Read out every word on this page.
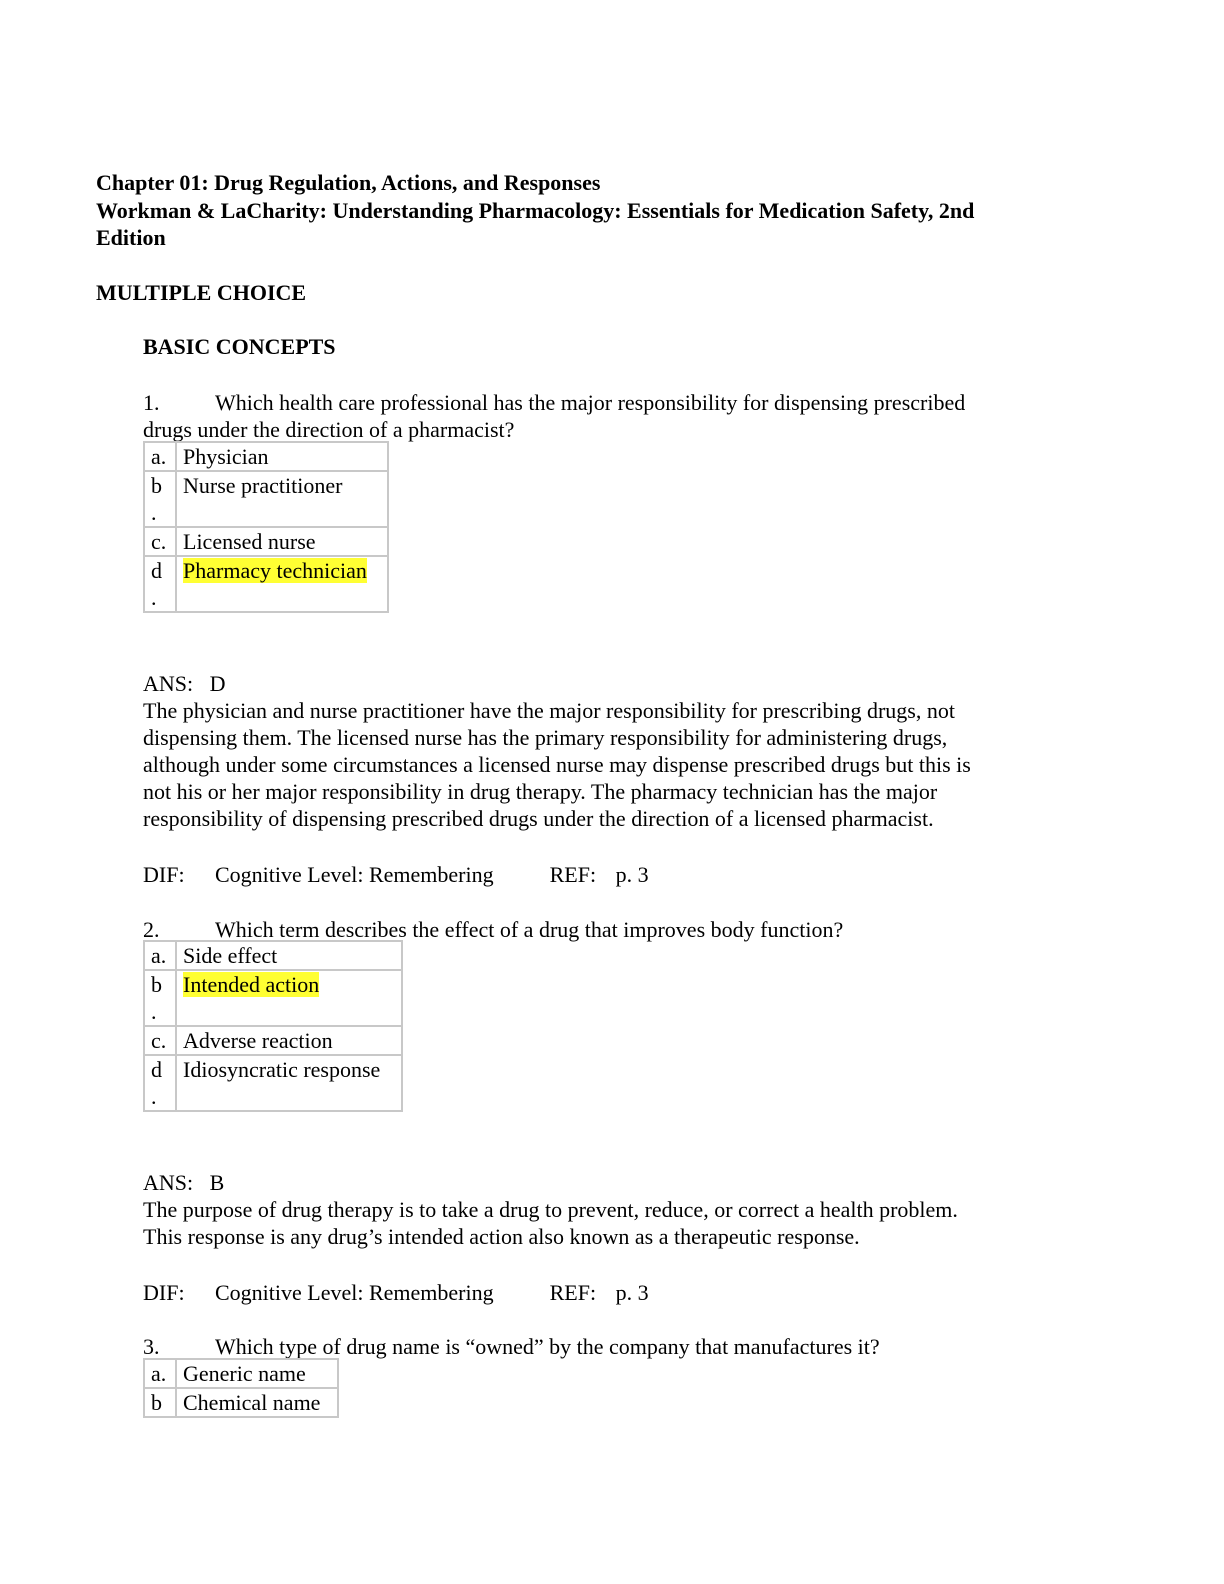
Chapter 01: Drug Regulation, Actions, and Responses
Workman & LaCharity: Understanding Pharmacology: Essentials for Medication Safety, 2nd
Edition
MULTIPLE CHOICE
BASIC CONCEPTS
1.	Which health care professional has the major responsibility for dispensing prescribed
drugs under the direction of a pharmacist?
a.	Physician
b
.	Nurse practitioner
c.	Licensed nurse
d
.	Pharmacy technician
ANS: D
The physician and nurse practitioner have the major responsibility for prescribing drugs, not
dispensing them. The licensed nurse has the primary responsibility for administering drugs,
although under some circumstances a licensed nurse may dispense prescribed drugs but this is
not his or her major responsibility in drug therapy. The pharmacy technician has the major
responsibility of dispensing prescribed drugs under the direction of a licensed pharmacist.
DIF: Cognitive Level: Remembering	REF: p. 3
2.	Which term describes the effect of a drug that improves body function?
a.	Side effect
b
.	Intended action
c.	Adverse reaction
d
.	Idiosyncratic response
ANS: B
The purpose of drug therapy is to take a drug to prevent, reduce, or correct a health problem.
This response is any drug’s intended action also known as a therapeutic response.
DIF: Cognitive Level: Remembering	REF: p. 3
3.	Which type of drug name is “owned” by the company that manufactures it?
a.	Generic name
b	Chemical name
